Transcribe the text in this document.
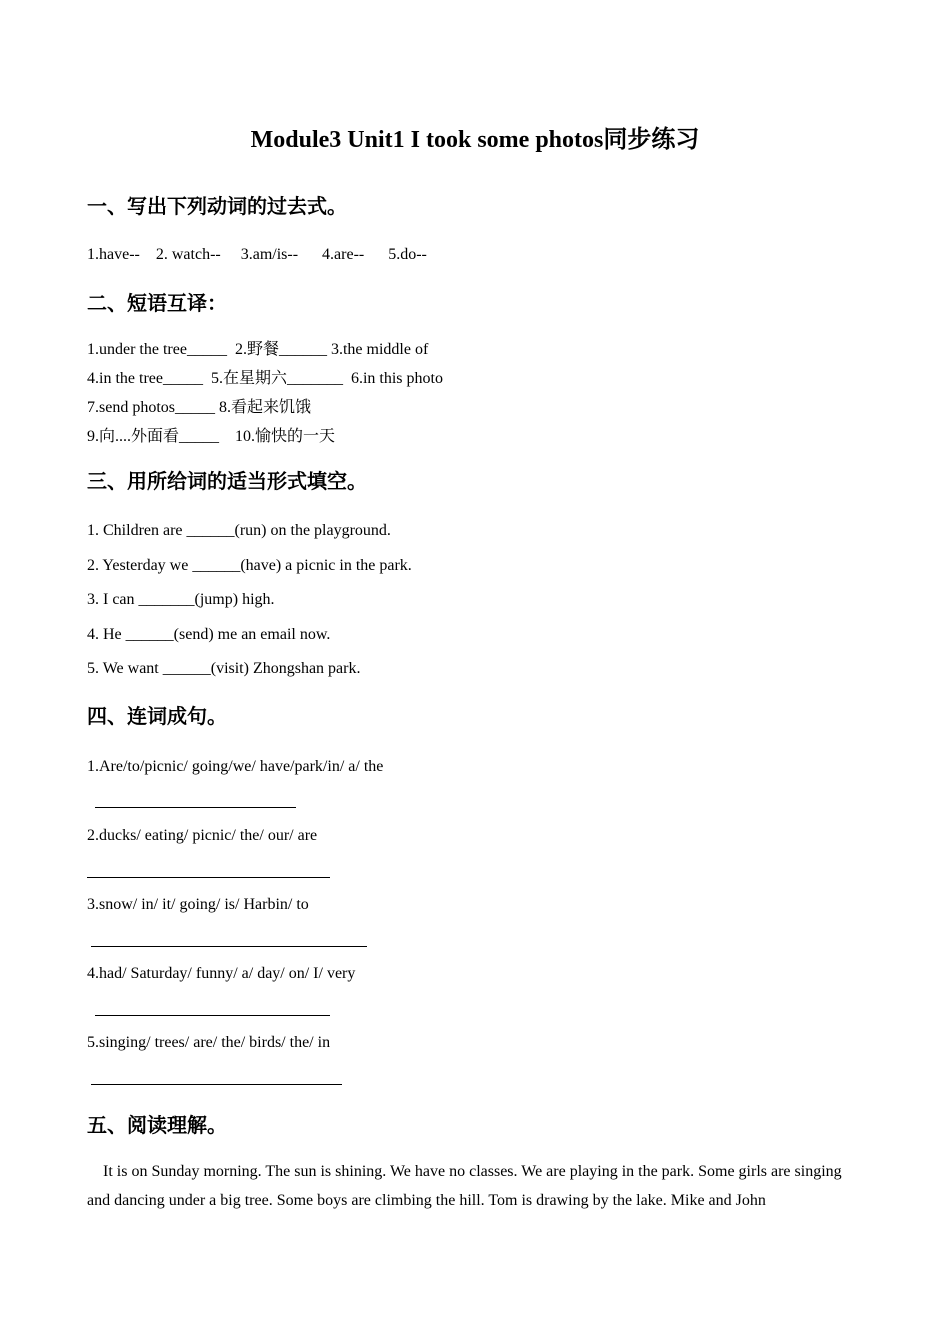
Module3 Unit1 I took some photos同步练习
一、写出下列动词的过去式。
1.have--    2. watch--     3.am/is--      4.are--      5.do--
二、短语互译：
1.under the tree_____  2.野餐______ 3.the middle of
4.in the tree_____  5.在星期六_______  6.in this photo
7.send photos_____ 8.看起来饥饿
9.向....外面看_____    10.愉快的一天
三、用所给词的适当形式填空。
1. Children are ______(run) on the playground.
2. Yesterday we ______(have) a picnic in the park.
3. I can _______(jump) high.
4. He ______(send) me an email now.
5. We want ______(visit) Zhongshan park.
四、连词成句。
1.Are/to/picnic/ going/we/ have/park/in/ a/ the
2.ducks/ eating/ picnic/ the/ our/ are
3.snow/ in/ it/ going/ is/ Harbin/ to
4.had/ Saturday/ funny/ a/ day/ on/ I/ very
5.singing/ trees/ are/ the/ birds/ the/ in
五、阅读理解。
It is on Sunday morning. The sun is shining. We have no classes. We are playing in the park. Some girls are singing and dancing under a big tree. Some boys are climbing the hill. Tom is drawing by the lake. Mike and John
